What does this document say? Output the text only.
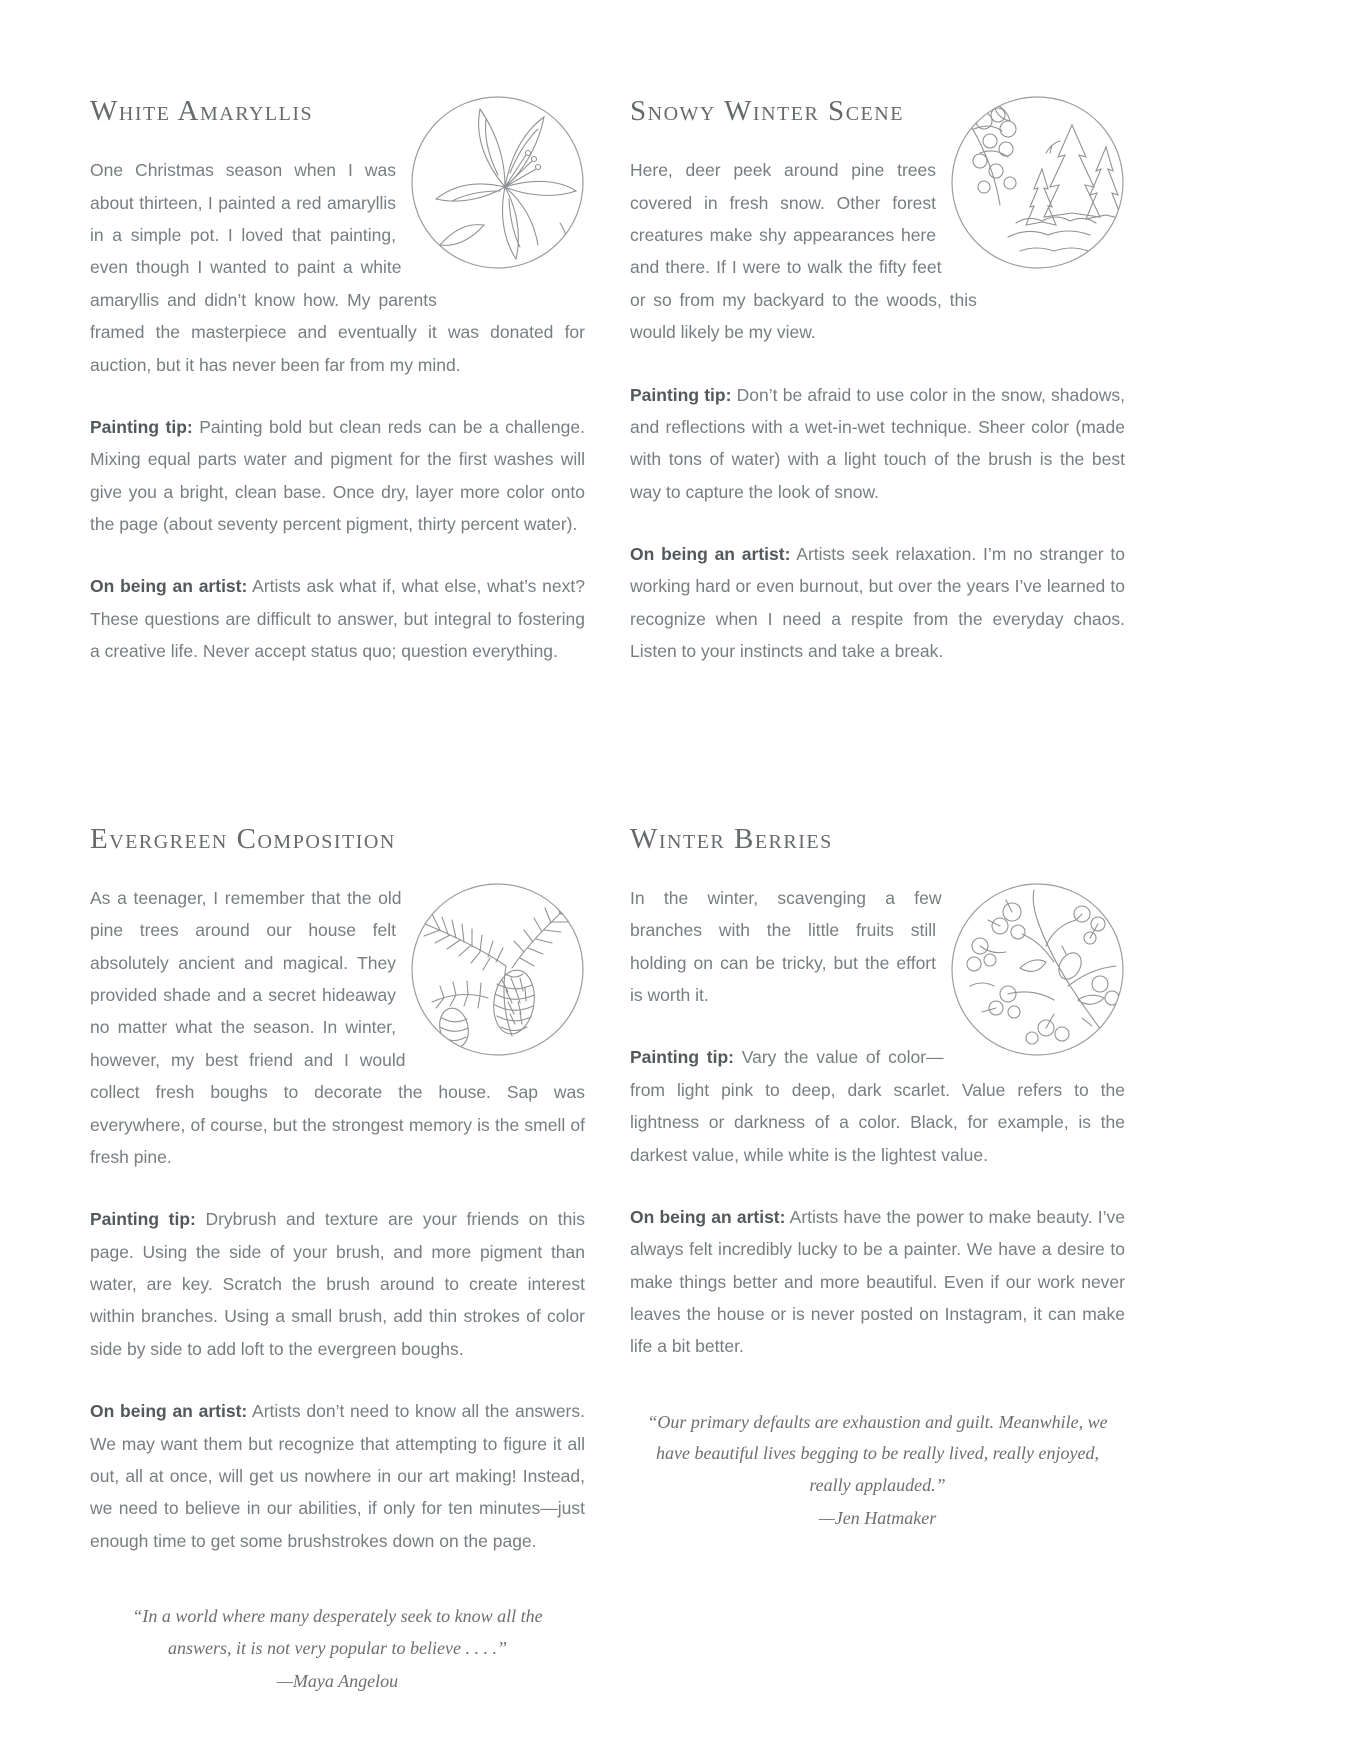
White Amaryllis

One Christmas season when I was about thirteen, I painted a red amaryllis in a simple pot. I loved that painting, even though I wanted to paint a white amaryllis and didn’t know how. My parents framed the masterpiece and eventually it was donated for auction, but it has never been far from my mind.

Painting tip: Painting bold but clean reds can be a challenge. Mixing equal parts water and pigment for the first washes will give you a bright, clean base. Once dry, layer more color onto the page (about seventy percent pigment, thirty percent water).

On being an artist: Artists ask what if, what else, what’s next? These questions are difficult to answer, but integral to fostering a creative life. Never accept status quo; question everything.

Snowy Winter Scene

Here, deer peek around pine trees covered in fresh snow. Other forest creatures make shy appearances here and there. If I were to walk the fifty feet or so from my backyard to the woods, this would likely be my view.

Painting tip: Don’t be afraid to use color in the snow, shadows, and reflections with a wet-in-wet technique. Sheer color (made with tons of water) with a light touch of the brush is the best way to capture the look of snow.

On being an artist: Artists seek relaxation. I’m no stranger to working hard or even burnout, but over the years I’ve learned to recognize when I need a respite from the everyday chaos. Listen to your instincts and take a break.

Evergreen Composition

As a teenager, I remember that the old pine trees around our house felt absolutely ancient and magical. They provided shade and a secret hideaway no matter what the season. In winter, however, my best friend and I would collect fresh boughs to decorate the house. Sap was everywhere, of course, but the strongest memory is the smell of fresh pine.

Painting tip: Drybrush and texture are your friends on this page. Using the side of your brush, and more pigment than water, are key. Scratch the brush around to create interest within branches. Using a small brush, add thin strokes of color side by side to add loft to the evergreen boughs.

On being an artist: Artists don’t need to know all the answers. We may want them but recognize that attempting to figure it all out, all at once, will get us nowhere in our art making! Instead, we need to believe in our abilities, if only for ten minutes—just enough time to get some brushstrokes down on the page.

“In a world where many desperately seek to know all the answers, it is not very popular to believe . . . .”
—Maya Angelou
Winter Berries

In the winter, scavenging a few branches with the little fruits still holding on can be tricky, but the effort is worth it.

Painting tip: Vary the value of color—from light pink to deep, dark scarlet. Value refers to the lightness or darkness of a color. Black, for example, is the darkest value, while white is the lightest value.

On being an artist: Artists have the power to make beauty. I’ve always felt incredibly lucky to be a painter. We have a desire to make things better and more beautiful. Even if our work never leaves the house or is never posted on Instagram, it can make life a bit better.

“Our primary defaults are exhaustion and guilt. Meanwhile, we have beautiful lives begging to be really lived, really enjoyed, really applauded.”
—Jen Hatmaker
